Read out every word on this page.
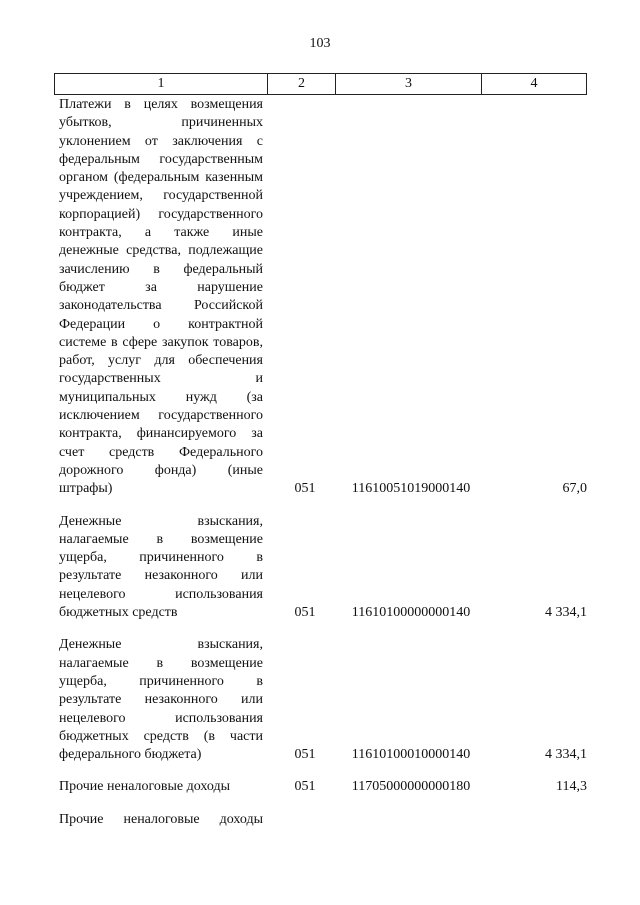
103
1	2	3	4
Платежи в целях возмещения убытков, причиненных уклонением от заключения с федеральным государственным органом (федеральным казенным учреждением, государственной корпорацией) государственного контракта, а также иные денежные средства, подлежащие зачислению в федеральный бюджет за нарушение законодательства Российской Федерации о контрактной системе в сфере закупок товаров, работ, услуг для обеспечения государственных и муниципальных нужд (за исключением государственного контракта, финансируемого за счет средств Федерального дорожного фонда) (иные штрафы)	051	11610051019000140	67,0
Денежные взыскания, налагаемые в возмещение ущерба, причиненного в результате незаконного или нецелевого использования бюджетных средств	051	11610100000000140	4 334,1
Денежные взыскания, налагаемые в возмещение ущерба, причиненного в результате незаконного или нецелевого использования бюджетных средств (в части федерального бюджета)	051	11610100010000140	4 334,1
Прочие неналоговые доходы	051	11705000000000180	114,3
Прочие неналоговые доходы
